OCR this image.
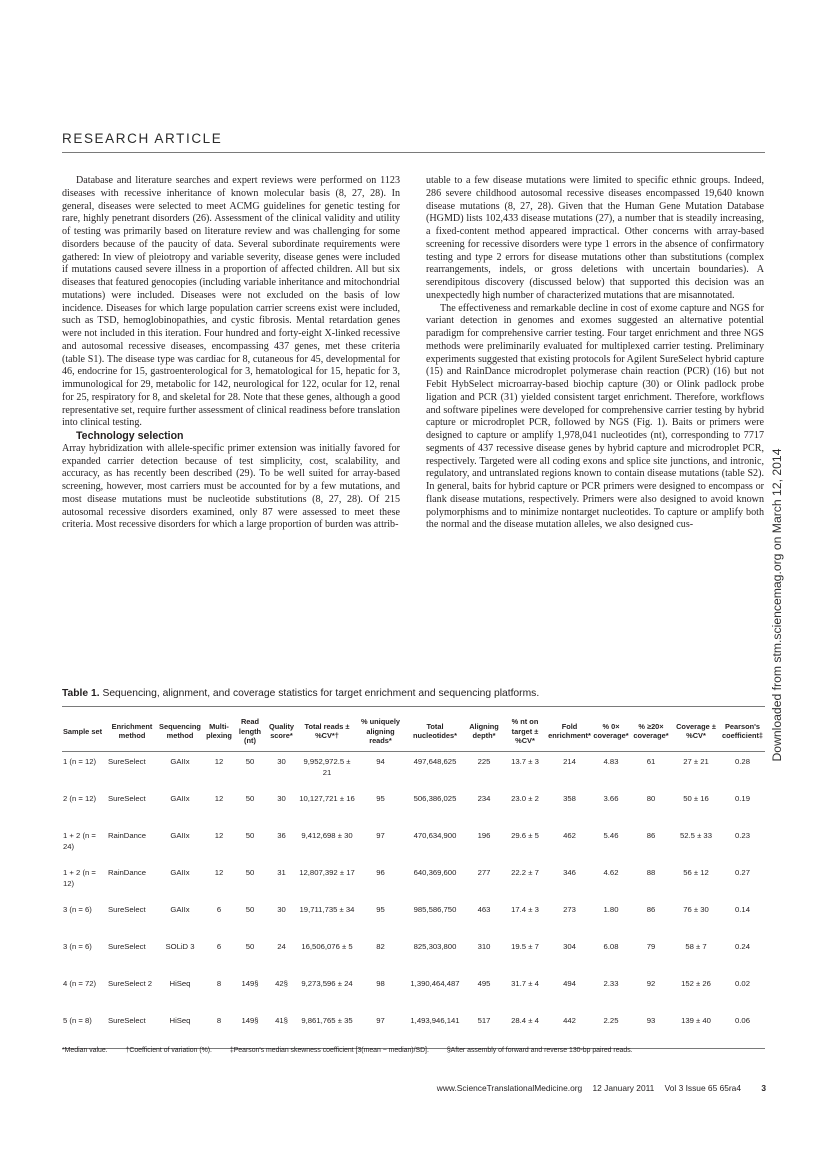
RESEARCH ARTICLE

Database and literature searches and expert reviews were performed on 1123 diseases with recessive inheritance of known molecular basis (8, 27, 28). In general, diseases were selected to meet ACMG guidelines for genetic testing for rare, highly penetrant disorders (26). Assessment of the clinical validity and utility of testing was primarily based on literature review and was challenging for some disorders because of the paucity of data. Several subordinate requirements were gathered: In view of pleiotropy and variable severity, disease genes were included if mutations caused severe illness in a proportion of affected children. All but six diseases that featured genocopies (including variable inheritance and mitochondrial mutations) were included. Diseases were not excluded on the basis of low incidence. Diseases for which large population carrier screens exist were included, such as TSD, hemoglobinopathies, and cystic fibrosis. Mental retardation genes were not included in this iteration. Four hundred and forty-eight X-linked recessive and autosomal recessive diseases, encompassing 437 genes, met these criteria (table S1). The disease type was cardiac for 8, cutaneous for 45, developmental for 46, endocrine for 15, gastroenterological for 3, hematological for 15, hepatic for 3, immunological for 29, metabolic for 142, neurological for 122, ocular for 12, renal for 25, respiratory for 8, and skeletal for 28. Note that these genes, although a good representative set, require further assessment of clinical readiness before translation into clinical testing.

Technology selection

Array hybridization with allele-specific primer extension was initially favored for expanded carrier detection because of test simplicity, cost, scalability, and accuracy, as has recently been described (29). To be well suited for array-based screening, however, most carriers must be accounted for by a few mutations, and most disease mutations must be nucleotide substitutions (8, 27, 28). Of 215 autosomal recessive disorders examined, only 87 were assessed to meet these criteria. Most recessive disorders for which a large proportion of burden was attrib-

utable to a few disease mutations were limited to specific ethnic groups. Indeed, 286 severe childhood autosomal recessive diseases encompassed 19,640 known disease mutations (8, 27, 28). Given that the Human Gene Mutation Database (HGMD) lists 102,433 disease mutations (27), a number that is steadily increasing, a fixed-content method appeared impractical. Other concerns with array-based screening for recessive disorders were type 1 errors in the absence of confirmatory testing and type 2 errors for disease mutations other than substitutions (complex rearrangements, indels, or gross deletions with uncertain boundaries). A serendipitous discovery (discussed below) that supported this decision was an unexpectedly high number of characterized mutations that are misannotated.

The effectiveness and remarkable decline in cost of exome capture and NGS for variant detection in genomes and exomes suggested an alternative potential paradigm for comprehensive carrier testing. Four target enrichment and three NGS methods were preliminarily evaluated for multiplexed carrier testing. Preliminary experiments suggested that existing protocols for Agilent SureSelect hybrid capture (15) and RainDance microdroplet polymerase chain reaction (PCR) (16) but not Febit HybSelect microarray-based biochip capture (30) or Olink padlock probe ligation and PCR (31) yielded consistent target enrichment. Therefore, workflows and software pipelines were developed for comprehensive carrier testing by hybrid capture or microdroplet PCR, followed by NGS (Fig. 1). Baits or primers were designed to capture or amplify 1,978,041 nucleotides (nt), corresponding to 7717 segments of 437 recessive disease genes by hybrid capture and microdroplet PCR, respectively. Targeted were all coding exons and splice site junctions, and intronic, regulatory, and untranslated regions known to contain disease mutations (table S2). In general, baits for hybrid capture or PCR primers were designed to encompass or flank disease mutations, respectively. Primers were also designed to avoid known polymorphisms and to minimize nontarget nucleotides. To capture or amplify both the normal and the disease mutation alleles, we also designed cus-	Downloaded from stm.sciencemag.org on March 12, 2014
Table 1. Sequencing, alignment, and coverage statistics for target enrichment and sequencing platforms.
Sample set	Enrichment method	Sequencing method	Multi- plexing	Read length (nt)	Quality score*	Total reads ± %CV*†	% uniquely aligning reads*	Total nucleotides*	Aligning depth*	% nt on target ± %CV*	Fold enrichment*	% 0× coverage*	% ≥20× coverage*	Coverage ± %CV*	Pearson's coefficient‡
1 (n = 12)	SureSelect	GAIIx	12	50	30	9,952,972.5 ± 21	94	497,648,625	225	13.7 ± 3	214	4.83	61	27 ± 21	0.28
2 (n = 12)	SureSelect	GAIIx	12	50	30	10,127,721 ± 16	95	506,386,025	234	23.0 ± 2	358	3.66	80	50 ± 16	0.19
1 + 2 (n = 24)	RainDance	GAIIx	12	50	36	9,412,698 ± 30	97	470,634,900	196	29.6 ± 5	462	5.46	86	52.5 ± 33	0.23
1 + 2 (n = 12)	RainDance	GAIIx	12	50	31	12,807,392 ± 17	96	640,369,600	277	22.2 ± 7	346	4.62	88	56 ± 12	0.27
3 (n = 6)	SureSelect	GAIIx	6	50	30	19,711,735 ± 34	95	985,586,750	463	17.4 ± 3	273	1.80	86	76 ± 30	0.14
3 (n = 6)	SureSelect	SOLiD 3	6	50	24	16,506,076 ± 5	82	825,303,800	310	19.5 ± 7	304	6.08	79	58 ± 7	0.24
4 (n = 72)	SureSelect 2	HiSeq	8	149§	42§	9,273,596 ± 24	98	1,390,464,487	495	31.7 ± 4	494	2.33	92	152 ± 26	0.02
5 (n = 8)	SureSelect	HiSeq	8	149§	41§	9,861,765 ± 35	97	1,493,946,141	517	28.4 ± 4	442	2.25	93	139 ± 40	0.06
*Median value.	†Coefficient of variation (%).	‡Pearson's median skewness coefficient [3(mean − median)/SD].	§After assembly of forward and reverse 130-bp paired reads.
www.ScienceTranslationalMedicine.org 12 January 2011 Vol 3 Issue 65 65ra4 3
